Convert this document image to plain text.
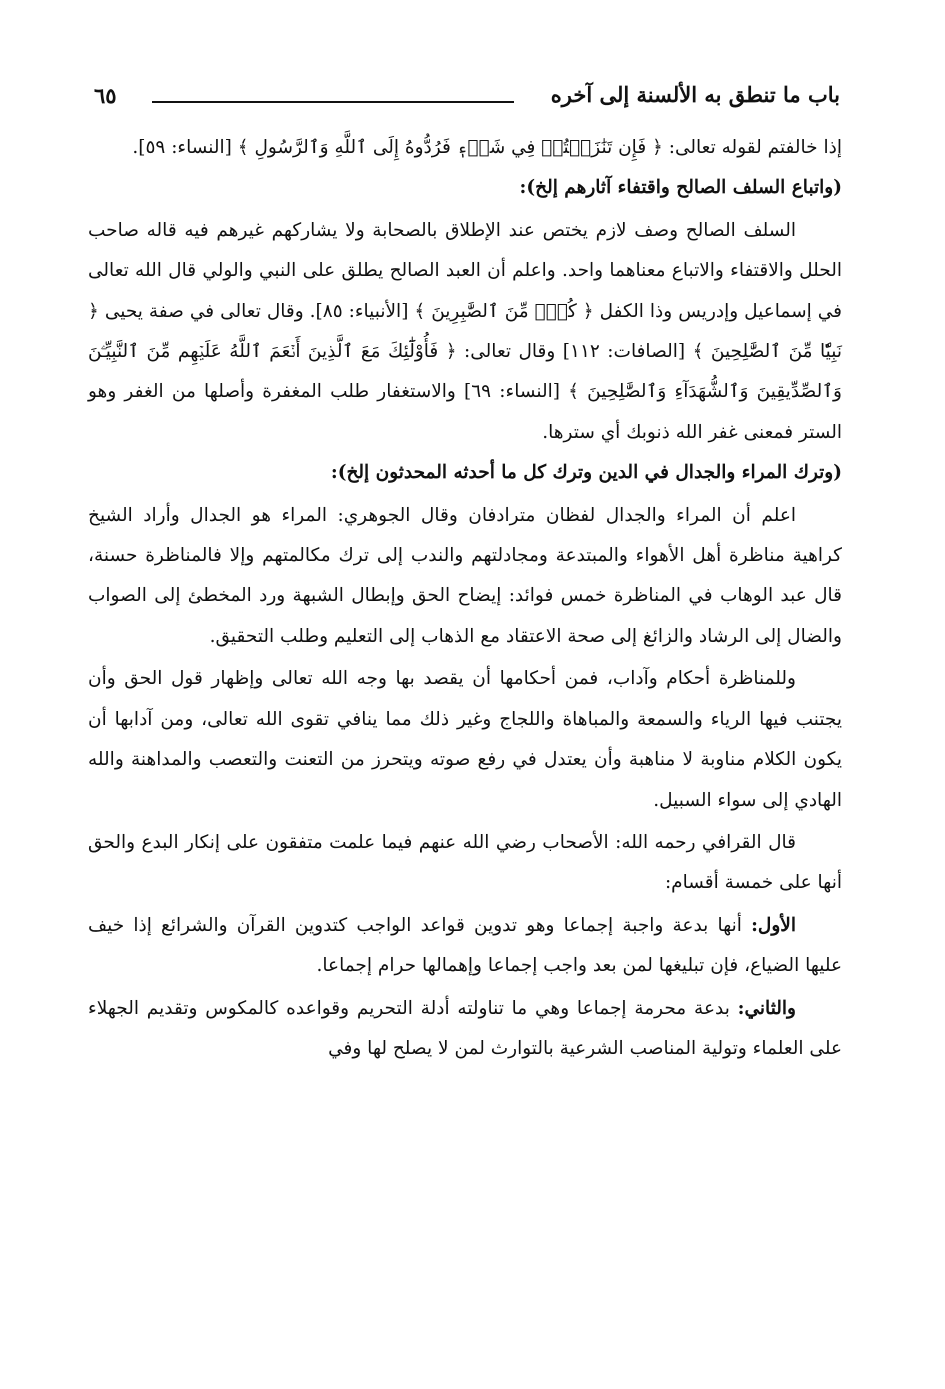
باب ما تنطق به الألسنة إلى آخره
٦٥

إذا خالفتم لقوله تعالى: ﴿ فَإِن تَنَٰزَعۡتُمۡ فِي شَيۡءٖ فَرُدُّوهُ إِلَى ٱللَّهِ وَٱلرَّسُولِ ﴾ [النساء: ٥٩].

(واتباع السلف الصالح واقتفاء آثارهم إلخ):

السلف الصالح وصف لازم يختص عند الإطلاق بالصحابة ولا يشاركهم غيرهم فيه قاله صاحب الحلل والاقتفاء والاتباع معناهما واحد. واعلم أن العبد الصالح يطلق على النبي والولي قال الله تعالى في إسماعيل وإدريس وذا الكفل ﴿ كُلّٞ مِّنَ ٱلصَّٰبِرِينَ ﴾ [الأنبياء: ٨٥]. وقال تعالى في صفة يحيى ﴿ نَبِيّٗا مِّنَ ٱلصَّٰلِحِينَ ﴾ [الصافات: ١١٢] وقال تعالى: ﴿ فَأُوْلَٰٓئِكَ مَعَ ٱلَّذِينَ أَنۡعَمَ ٱللَّهُ عَلَيۡهِم مِّنَ ٱلنَّبِيِّـۧنَ وَٱلصِّدِّيقِينَ وَٱلشُّهَدَآءِ وَٱلصَّٰلِحِينَ ﴾ [النساء: ٦٩] والاستغفار طلب المغفرة وأصلها من الغفر وهو الستر فمعنى غفر الله ذنوبك أي سترها.

(وترك المراء والجدال في الدين وترك كل ما أحدثه المحدثون إلخ):

اعلم أن المراء والجدال لفظان مترادفان وقال الجوهري: المراء هو الجدال وأراد الشيخ كراهية مناظرة أهل الأهواء والمبتدعة ومجادلتهم والندب إلى ترك مكالمتهم وإلا فالمناظرة حسنة، قال عبد الوهاب في المناظرة خمس فوائد: إيضاح الحق وإبطال الشبهة ورد المخطئ إلى الصواب والضال إلى الرشاد والزائغ إلى صحة الاعتقاد مع الذهاب إلى التعليم وطلب التحقيق.

وللمناظرة أحكام وآداب، فمن أحكامها أن يقصد بها وجه الله تعالى وإظهار قول الحق وأن يجتنب فيها الرياء والسمعة والمباهاة واللجاج وغير ذلك مما ينافي تقوى الله تعالى، ومن آدابها أن يكون الكلام مناوبة لا مناهبة وأن يعتدل في رفع صوته ويتحرز من التعنت والتعصب والمداهنة والله الهادي إلى سواء السبيل.

قال القرافي رحمه الله: الأصحاب رضي الله عنهم فيما علمت متفقون على إنكار البدع والحق أنها على خمسة أقسام:

الأول: أنها بدعة واجبة إجماعا وهو تدوين قواعد الواجب كتدوين القرآن والشرائع إذا خيف عليها الضياع، فإن تبليغها لمن بعد واجب إجماعا وإهمالها حرام إجماعا.

والثاني: بدعة محرمة إجماعا وهي ما تناولته أدلة التحريم وقواعده كالمكوس وتقديم الجهلاء على العلماء وتولية المناصب الشرعية بالتوارث لمن لا يصلح لها وفي
